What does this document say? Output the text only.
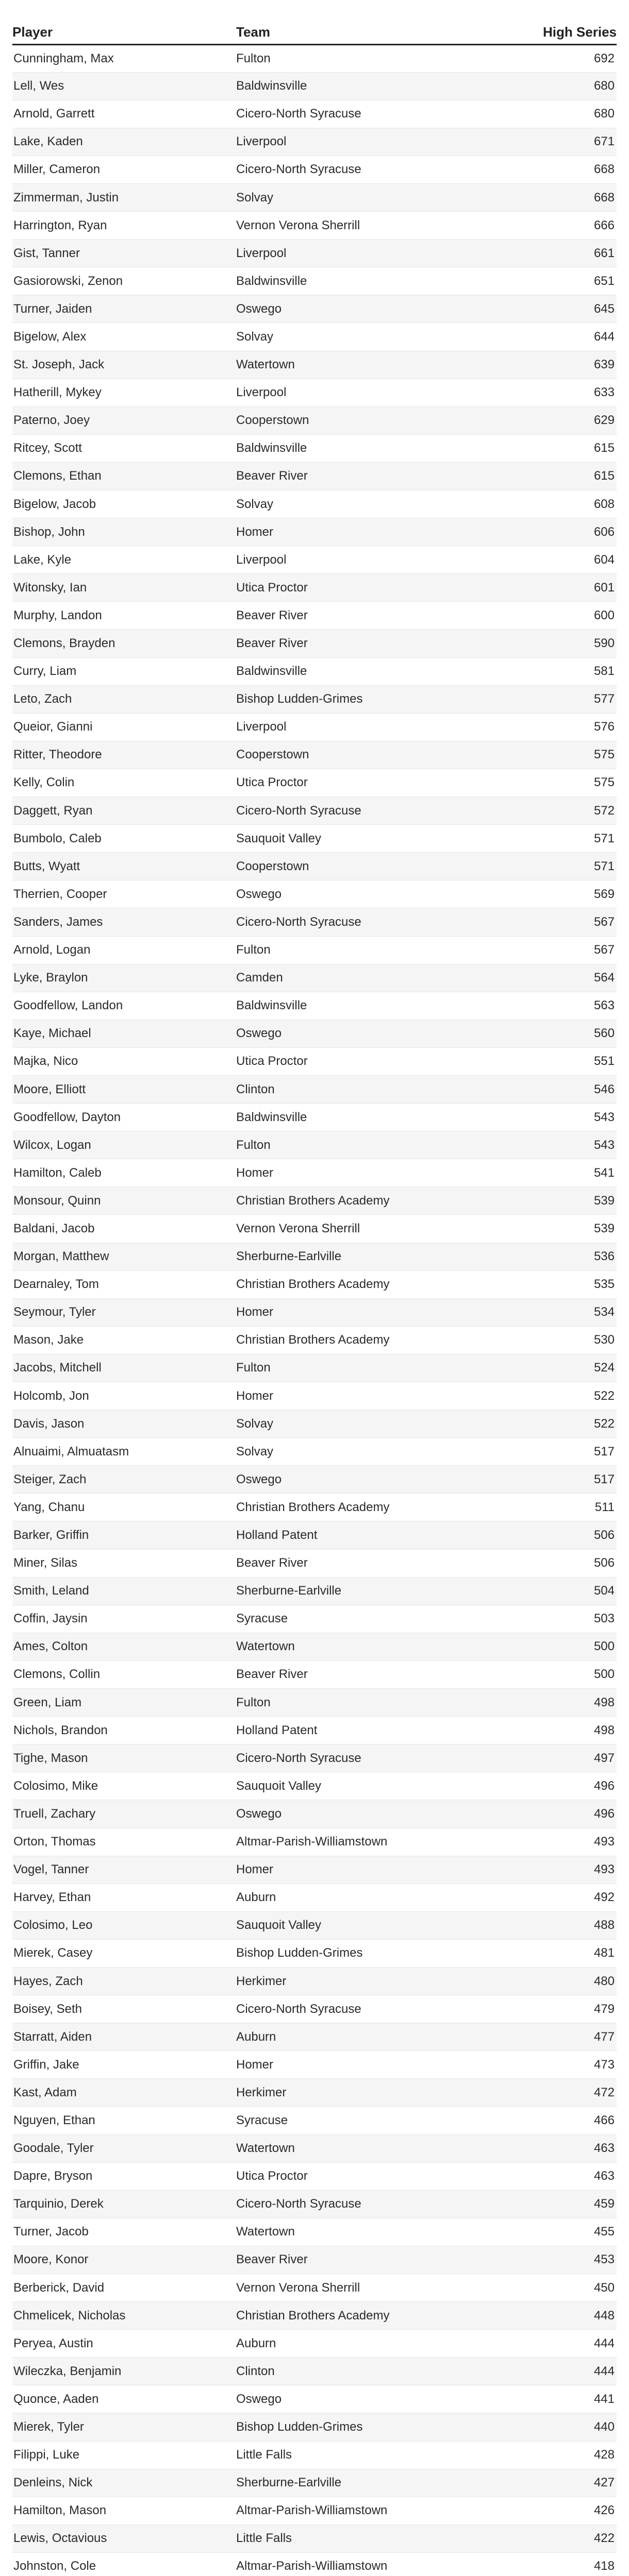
Player	Team	High Series
Cunningham, Max	Fulton	692
Lell, Wes	Baldwinsville	680
Arnold, Garrett	Cicero-North Syracuse	680
Lake, Kaden	Liverpool	671
Miller, Cameron	Cicero-North Syracuse	668
Zimmerman, Justin	Solvay	668
Harrington, Ryan	Vernon Verona Sherrill	666
Gist, Tanner	Liverpool	661
Gasiorowski, Zenon	Baldwinsville	651
Turner, Jaiden	Oswego	645
Bigelow, Alex	Solvay	644
St. Joseph, Jack	Watertown	639
Hatherill, Mykey	Liverpool	633
Paterno, Joey	Cooperstown	629
Ritcey, Scott	Baldwinsville	615
Clemons, Ethan	Beaver River	615
Bigelow, Jacob	Solvay	608
Bishop, John	Homer	606
Lake, Kyle	Liverpool	604
Witonsky, Ian	Utica Proctor	601
Murphy, Landon	Beaver River	600
Clemons, Brayden	Beaver River	590
Curry, Liam	Baldwinsville	581
Leto, Zach	Bishop Ludden-Grimes	577
Queior, Gianni	Liverpool	576
Ritter, Theodore	Cooperstown	575
Kelly, Colin	Utica Proctor	575
Daggett, Ryan	Cicero-North Syracuse	572
Bumbolo, Caleb	Sauquoit Valley	571
Butts, Wyatt	Cooperstown	571
Therrien, Cooper	Oswego	569
Sanders, James	Cicero-North Syracuse	567
Arnold, Logan	Fulton	567
Lyke, Braylon	Camden	564
Goodfellow, Landon	Baldwinsville	563
Kaye, Michael	Oswego	560
Majka, Nico	Utica Proctor	551
Moore, Elliott	Clinton	546
Goodfellow, Dayton	Baldwinsville	543
Wilcox, Logan	Fulton	543
Hamilton, Caleb	Homer	541
Monsour, Quinn	Christian Brothers Academy	539
Baldani, Jacob	Vernon Verona Sherrill	539
Morgan, Matthew	Sherburne-Earlville	536
Dearnaley, Tom	Christian Brothers Academy	535
Seymour, Tyler	Homer	534
Mason, Jake	Christian Brothers Academy	530
Jacobs, Mitchell	Fulton	524
Holcomb, Jon	Homer	522
Davis, Jason	Solvay	522
Alnuaimi, Almuatasm	Solvay	517
Steiger, Zach	Oswego	517
Yang, Chanu	Christian Brothers Academy	511
Barker, Griffin	Holland Patent	506
Miner, Silas	Beaver River	506
Smith, Leland	Sherburne-Earlville	504
Coffin, Jaysin	Syracuse	503
Ames, Colton	Watertown	500
Clemons, Collin	Beaver River	500
Green, Liam	Fulton	498
Nichols, Brandon	Holland Patent	498
Tighe, Mason	Cicero-North Syracuse	497
Colosimo, Mike	Sauquoit Valley	496
Truell, Zachary	Oswego	496
Orton, Thomas	Altmar-Parish-Williamstown	493
Vogel, Tanner	Homer	493
Harvey, Ethan	Auburn	492
Colosimo, Leo	Sauquoit Valley	488
Mierek, Casey	Bishop Ludden-Grimes	481
Hayes, Zach	Herkimer	480
Boisey, Seth	Cicero-North Syracuse	479
Starratt, Aiden	Auburn	477
Griffin, Jake	Homer	473
Kast, Adam	Herkimer	472
Nguyen, Ethan	Syracuse	466
Goodale, Tyler	Watertown	463
Dapre, Bryson	Utica Proctor	463
Tarquinio, Derek	Cicero-North Syracuse	459
Turner, Jacob	Watertown	455
Moore, Konor	Beaver River	453
Berberick, David	Vernon Verona Sherrill	450
Chmelicek, Nicholas	Christian Brothers Academy	448
Peryea, Austin	Auburn	444
Wileczka, Benjamin	Clinton	444
Quonce, Aaden	Oswego	441
Mierek, Tyler	Bishop Ludden-Grimes	440
Filippi, Luke	Little Falls	428
Denleins, Nick	Sherburne-Earlville	427
Hamilton, Mason	Altmar-Parish-Williamstown	426
Lewis, Octavious	Little Falls	422
Johnston, Cole	Altmar-Parish-Williamstown	418
